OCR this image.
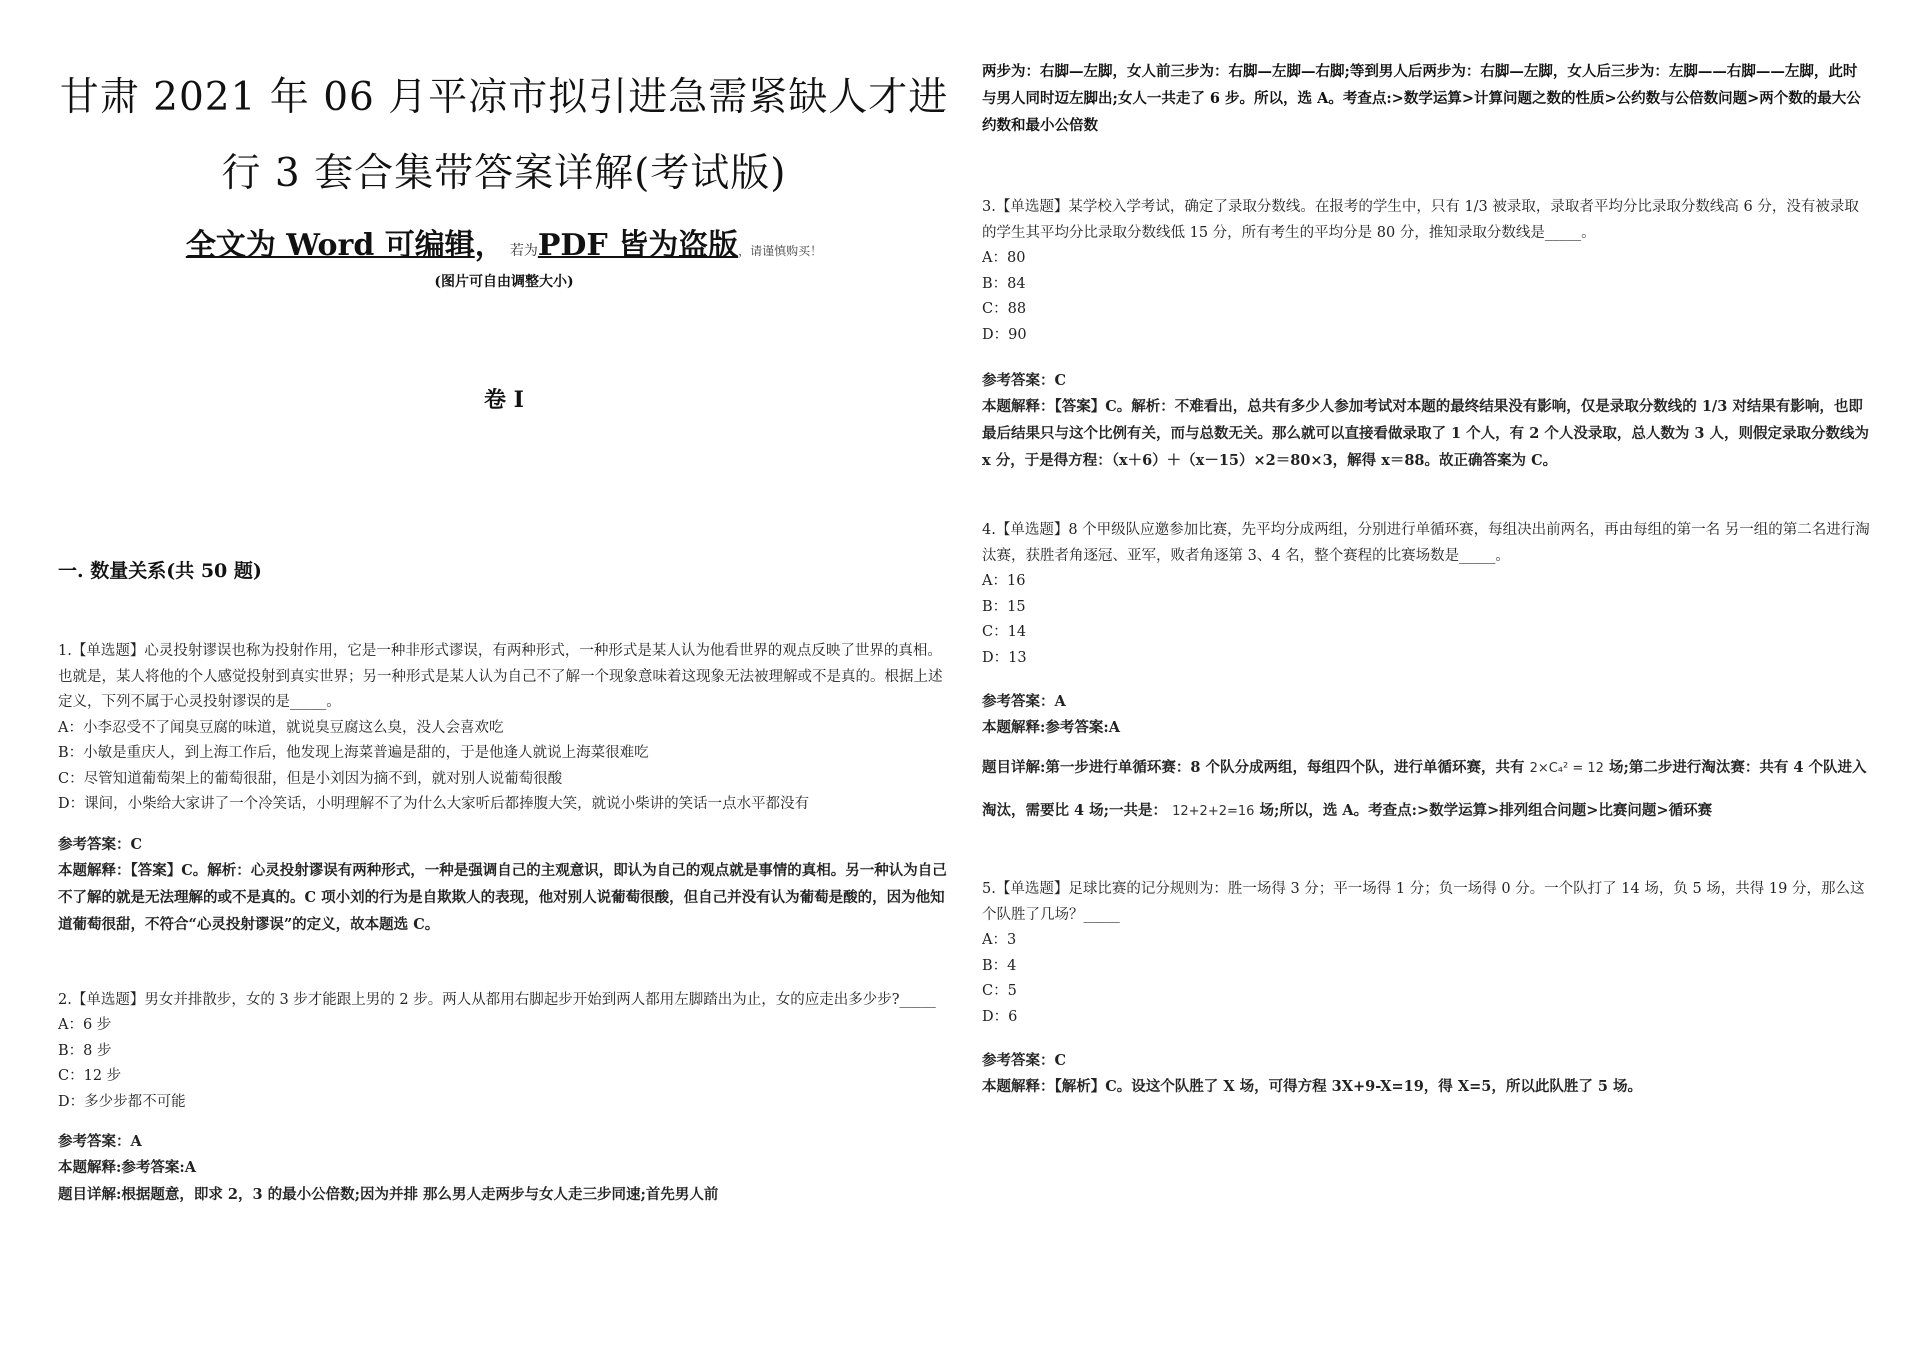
甘肃 2021 年 06 月平凉市拟引进急需紧缺人才进
行 3 套合集带答案详解(考试版)
全文为 Word 可编辑， 若为PDF 皆为盗版，请谨慎购买！
(图片可自由调整大小)
卷 I
一. 数量关系(共 50 题)

1.【单选题】心灵投射谬误也称为投射作用，它是一种非形式谬误，有两种形式，一种形式是某人认为他看世界的观点反映了世界的真相。也就是，某人将他的个人感觉投射到真实世界；另一种形式是某人认为自己不了解一个现象意味着这现象无法被理解或不是真的。根据上述定义，下列不属于心灵投射谬误的是_____。

A：小李忍受不了闻臭豆腐的味道，就说臭豆腐这么臭，没人会喜欢吃

B：小敏是重庆人，到上海工作后，他发现上海菜普遍是甜的，于是他逢人就说上海菜很难吃

C：尽管知道葡萄架上的葡萄很甜，但是小刘因为摘不到，就对别人说葡萄很酸

D：课间，小柴给大家讲了一个冷笑话，小明理解不了为什么大家听后都捧腹大笑，就说小柴讲的笑话一点水平都没有

参考答案：C

本题解释：【答案】C。解析：心灵投射谬误有两种形式，一种是强调自己的主观意识，即认为自己的观点就是事情的真相。另一种认为自己不了解的就是无法理解的或不是真的。C 项小刘的行为是自欺欺人的表现，他对别人说葡萄很酸，但自己并没有认为葡萄是酸的，因为他知道葡萄很甜，不符合“心灵投射谬误”的定义，故本题选 C。

2.【单选题】男女并排散步，女的 3 步才能跟上男的 2 步。两人从都用右脚起步开始到两人都用左脚踏出为止，女的应走出多少步?_____

A：6 步

B：8 步

C：12 步

D：多少步都不可能

参考答案：A

本题解释:参考答案:A

题目详解:根据题意，即求 2，3 的最小公倍数;因为并排 那么男人走两步与女人走三步同速;首先男人前

两步为：右脚—左脚，女人前三步为：右脚—左脚—右脚;等到男人后两步为：右脚—左脚，女人后三步为：左脚——右脚——左脚，此时与男人同时迈左脚出;女人一共走了 6 步。所以，选 A。考查点:>数学运算>计算问题之数的性质>公约数与公倍数问题>两个数的最大公约数和最小公倍数

3.【单选题】某学校入学考试，确定了录取分数线。在报考的学生中，只有 1/3 被录取，录取者平均分比录取分数线高 6 分，没有被录取的学生其平均分比录取分数线低 15 分，所有考生的平均分是 80 分，推知录取分数线是_____。

A：80

B：84

C：88

D：90

参考答案：C

本题解释：【答案】C。解析：不难看出，总共有多少人参加考试对本题的最终结果没有影响，仅是录取分数线的 1/3 对结果有影响，也即最后结果只与这个比例有关，而与总数无关。那么就可以直接看做录取了 1 个人，有 2 个人没录取，总人数为 3 人，则假定录取分数线为 x 分，于是得方程：（x＋6）＋（x－15）×2＝80×3，解得 x＝88。故正确答案为 C。

4.【单选题】8 个甲级队应邀参加比赛，先平均分成两组，分别进行单循环赛，每组决出前两名，再由每组的第一名 另一组的第二名进行淘汰赛，获胜者角逐冠、亚军，败者角逐第 3、4 名，整个赛程的比赛场数是_____。

A：16

B：15

C：14

D：13

参考答案：A

本题解释:参考答案:A

题目详解:第一步进行单循环赛：8 个队分成两组，每组四个队，进行单循环赛，共有 2×C₄² = 12 场;第二步进行淘汰赛：共有 4 个队进入淘汰，需要比 4 场;一共是： 12+2+2=16 场;所以，选 A。考查点:>数学运算>排列组合问题>比赛问题>循环赛

5.【单选题】足球比赛的记分规则为：胜一场得 3 分；平一场得 1 分；负一场得 0 分。一个队打了 14 场，负 5 场，共得 19 分，那么这个队胜了几场？_____

A：3

B：4

C：5

D：6

参考答案：C

本题解释：【解析】C。设这个队胜了 X 场，可得方程 3X+9-X=19，得 X=5，所以此队胜了 5 场。
